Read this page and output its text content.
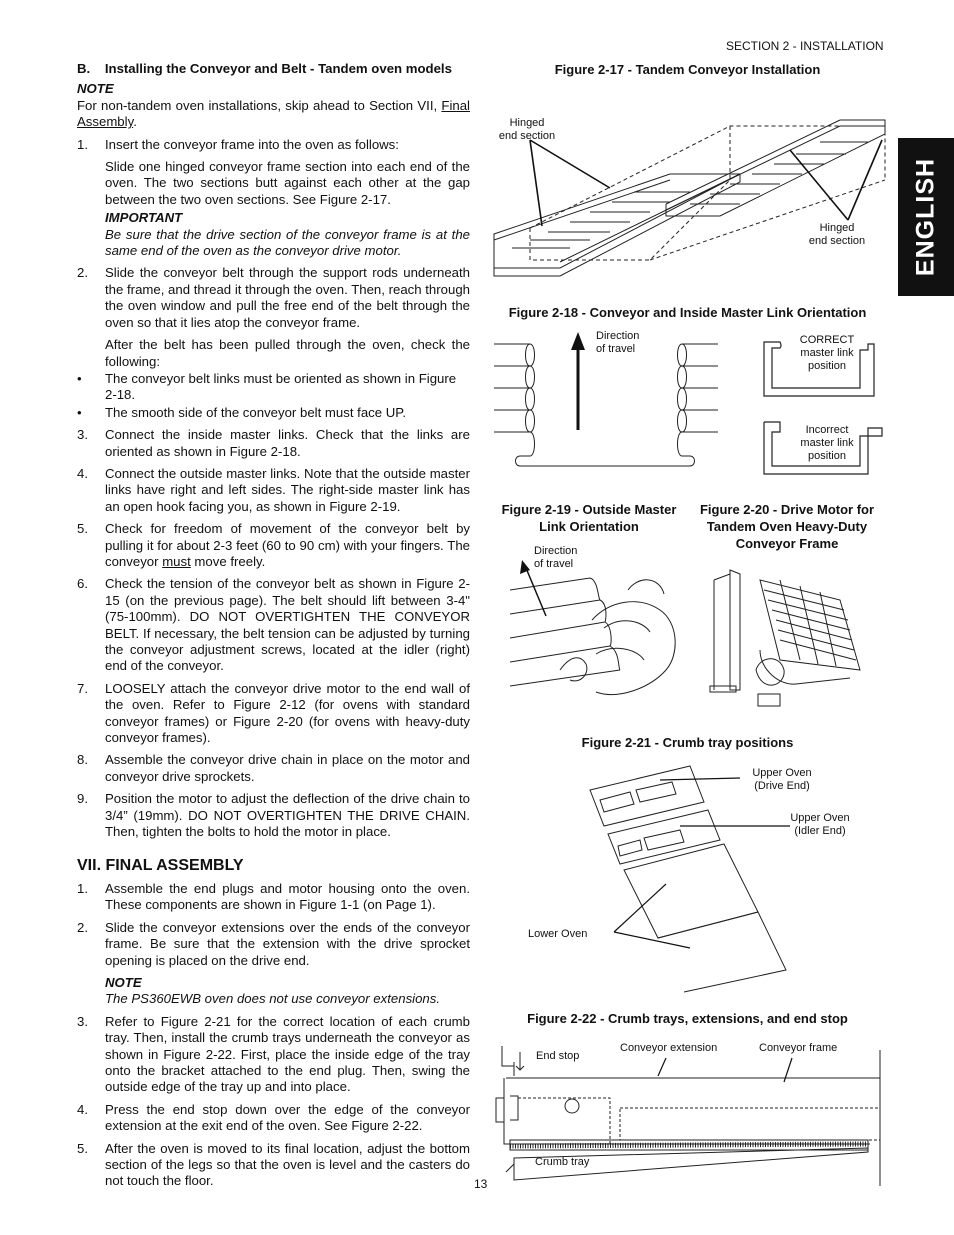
SECTION 2 - INSTALLATION
ENGLISH

B.    Installing the Conveyor and Belt - Tandem oven models

NOTE

For non-tandem oven installations, skip ahead to Section VII, Final Assembly.

1.	Insert the conveyor frame into the oven as follows:
Slide one hinged conveyor frame section into each end of the oven. The two sections butt against each other at the gap between the two oven sections. See Figure 2-17.
IMPORTANT
Be sure that the drive section of the conveyor frame is at the same end of the oven as the conveyor drive motor.
2.	Slide the conveyor belt through the support rods underneath the frame, and thread it through the oven. Then, reach through the oven window and pull the free end of the belt through the oven so that it lies atop the conveyor frame.
After the belt has been pulled through the oven, check the following:
•	The conveyor belt links must be oriented as shown in Figure 2-18.
•	The smooth side of the conveyor belt must face UP.
3.	Connect the inside master links. Check that the links are oriented as shown in Figure 2-18.
4.	Connect the outside master links. Note that the outside master links have right and left sides. The right-side master link has an open hook facing you, as shown in Figure 2-19.
5.	Check for freedom of movement of the conveyor belt by pulling it for about 2-3 feet (60 to 90 cm) with your fingers. The conveyor must move freely.
6.	Check the tension of the conveyor belt as shown in Figure 2-15 (on the previous page). The belt should lift between 3-4" (75-100mm). DO NOT OVERTIGHTEN THE CONVEYOR BELT. If necessary, the belt tension can be adjusted by turning the conveyor adjustment screws, located at the idler (right) end of the conveyor.
7.	LOOSELY attach the conveyor drive motor to the end wall of the oven. Refer to Figure 2-12 (for ovens with standard conveyor frames) or Figure 2-20 (for ovens with heavy-duty conveyor frames).
8.	Assemble the conveyor drive chain in place on the motor and conveyor drive sprockets.
9.	Position the motor to adjust the deflection of the drive chain to 3/4” (19mm). DO NOT OVERTIGHTEN THE DRIVE CHAIN. Then, tighten the bolts to hold the motor in place.

VII. FINAL ASSEMBLY

1.	Assemble the end plugs and motor housing onto the oven. These components are shown in Figure 1-1 (on Page 1).
2.	Slide the conveyor extensions over the ends of the conveyor frame. Be sure that the extension with the drive sprocket opening is placed on the drive end.
NOTE
The PS360EWB oven does not use conveyor extensions.
3.	Refer to Figure 2-21 for the correct location of each crumb tray. Then, install the crumb trays underneath the conveyor as shown in Figure 2-22. First, place the inside edge of the tray onto the bracket attached to the end plug. Then, swing the outside edge of the tray up and into place.
4.	Press the end stop down over the edge of the conveyor extension at the exit end of the oven. See Figure 2-22.
5.	After the oven is moved to its final location, adjust the bottom section of the legs so that the oven is level and the casters do not touch the floor.
Figure 2-17 - Tandem Conveyor Installation
Hinged
end section
Hinged
end section
Figure 2-18 - Conveyor and Inside Master Link Orientation
Direction
of travel
CORRECT
master link
position
Incorrect
master link
position
Figure 2-19 - Outside Master
Link Orientation
Direction
of travel
Figure 2-20 - Drive Motor for
Tandem Oven Heavy-Duty
Conveyor Frame
Figure 2-21 - Crumb tray positions
Upper Oven
(Drive End)
Upper Oven
(Idler End)
Lower Oven
Figure 2-22 - Crumb trays, extensions, and end stop
End stop
Conveyor extension	Conveyor frame
Crumb tray
13
